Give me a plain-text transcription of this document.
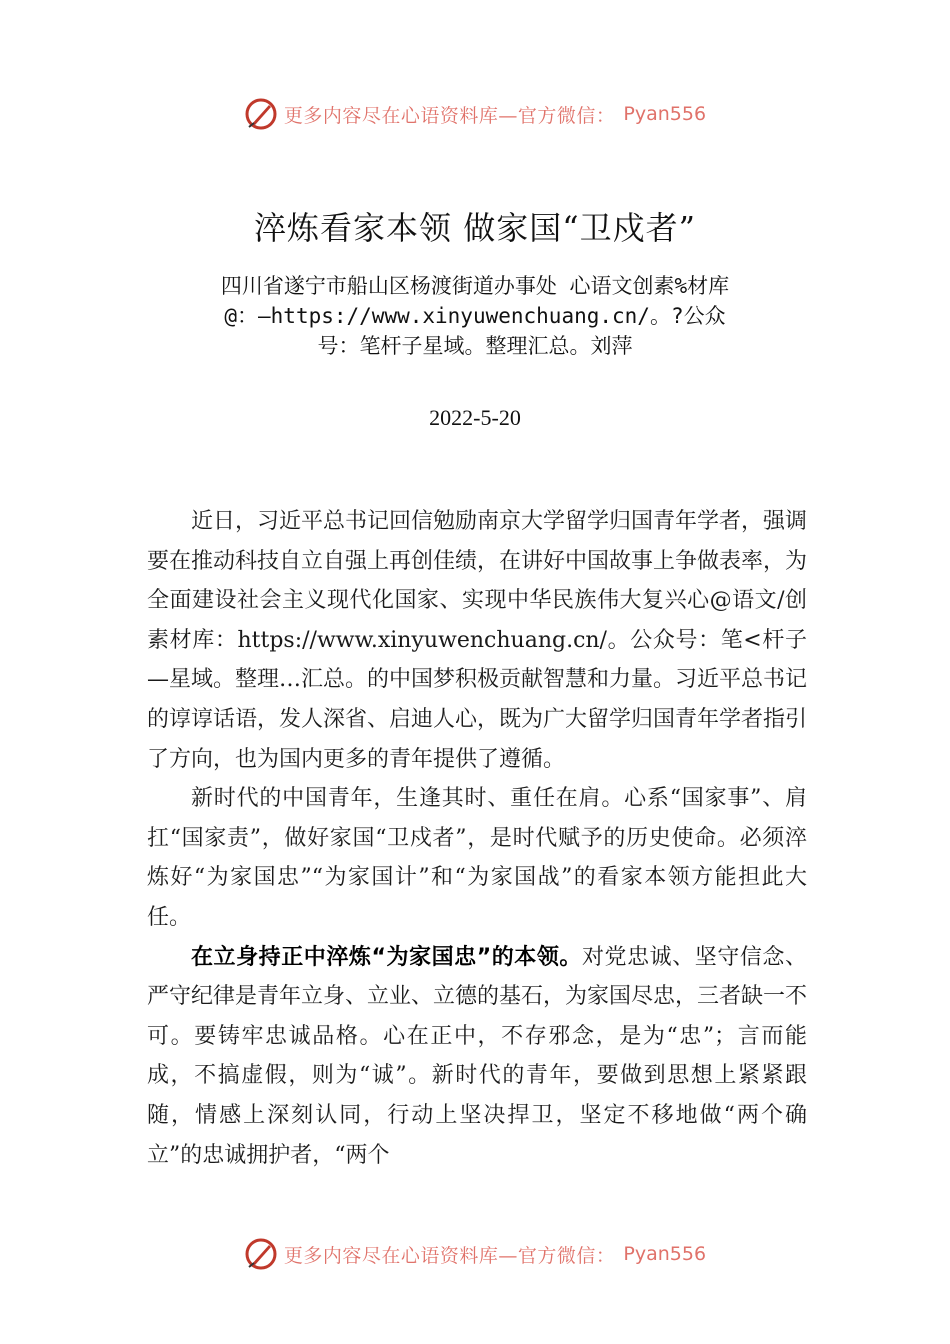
更多内容尽在心语资料库—官方微信： Pyan556
淬炼看家本领 做家国“卫戍者”
四川省遂宁市船山区杨渡街道办事处 心语文创素%材库@：—https://www.xinyuwenchuang.cn/。?公众号：笔杆子星域。整理汇总。刘萍
2022-5-20

近日，习近平总书记回信勉励南京大学留学归国青年学者，强调要在推动科技自立自强上再创佳绩，在讲好中国故事上争做表率，为全面建设社会主义现代化国家、实现中华民族伟大复兴心@语文/创素材库：https://www.xinyuwenchuang.cn/。公众号：笔<杆子—星域。整理…汇总。的中国梦积极贡献智慧和力量。习近平总书记的谆谆话语，发人深省、启迪人心，既为广大留学归国青年学者指引了方向，也为国内更多的青年提供了遵循。

新时代的中国青年，生逢其时、重任在肩。心系“国家事”、肩扛“国家责”，做好家国“卫戍者”，是时代赋予的历史使命。必须淬炼好“为家国忠”“为家国计”和“为家国战”的看家本领方能担此大任。

在立身持正中淬炼“为家国忠”的本领。对党忠诚、坚守信念、严守纪律是青年立身、立业、立德的基石，为家国尽忠，三者缺一不可。要铸牢忠诚品格。心在正中，不存邪念，是为“忠”；言而能成，不搞虚假，则为“诚”。新时代的青年，要做到思想上紧紧跟随，情感上深刻认同，行动上坚决捍卫，坚定不移地做“两个确立”的忠诚拥护者，“两个

更多内容尽在心语资料库—官方微信： Pyan556
